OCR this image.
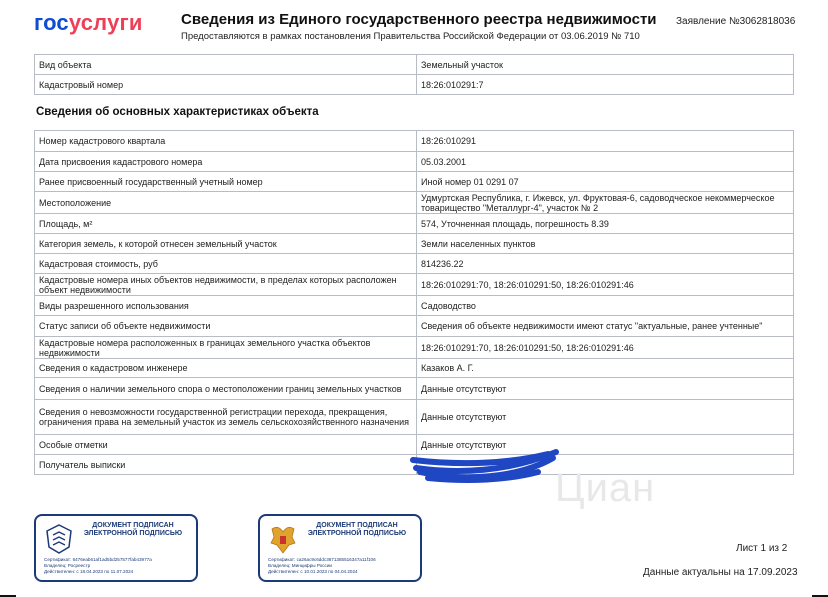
госуслуги	Сведения из Единого государственного реестра недвижимости
Предоставляются в рамках постановления Правительства Российской Федерации от 03.06.2019 № 710
Заявление №3062818036
Вид объекта	Земельный участок
Кадастровый номер	18:26:010291:7
Сведения об основных характеристиках объекта
Номер кадастрового квартала	18:26:010291
Дата присвоения кадастрового номера	05.03.2001
Ранее присвоенный государственный учетный номер	Иной номер 01 0291 07
Местоположение	Удмуртская Республика, г. Ижевск, ул. Фруктовая-6, садоводческое некоммерческое товарищество "Металлург-4", участок № 2
Площадь, м²	574, Уточненная площадь, погрешность 8.39
Категория земель, к которой отнесен земельный участок	Земли населенных пунктов
Кадастровая стоимость, руб	814236.22
Кадастровые номера иных объектов недвижимости, в пределах которых расположен объект недвижимости	18:26:010291:70, 18:26:010291:50, 18:26:010291:46
Виды разрешенного использования	Садоводство
Статус записи об объекте недвижимости	Сведения об объекте недвижимости имеют статус "актуальные, ранее учтенные"
Кадастровые номера расположенных в границах земельного участка объектов недвижимости	18:26:010291:70, 18:26:010291:50, 18:26:010291:46
Сведения о кадастровом инженере	Казаков А. Г.
Сведения о наличии земельного спора о местоположении границ земельных участков	Данные отсутствуют
Сведения о невозможности государственной регистрации перехода, прекращения, ограничения права на земельный участок из земель сельскохозяйственного назначения	Данные отсутствуют
Особые отметки	Данные отсутствуют
Получатель выписки	
Циан
ДОКУМЕНТ ПОДПИСАН ЭЛЕКТРОННОЙ ПОДПИСЬЮ
Сертификат: 6476eab61af1ad5bd257577fab43977a
Владелец: Росреестр
Действителен: с 18.04.2023 по 11.07.2024
ДОКУМЕНТ ПОДПИСАН ЭЛЕКТРОННОЙ ПОДПИСЬЮ
Сертификат: ca26ac9c6ddc3671385516347a11f106
Владелец: Минцифры России
Действителен: с 10.01.2023 по 04.04.2024
Лист 1 из 2
Данные актуальны на 17.09.2023
